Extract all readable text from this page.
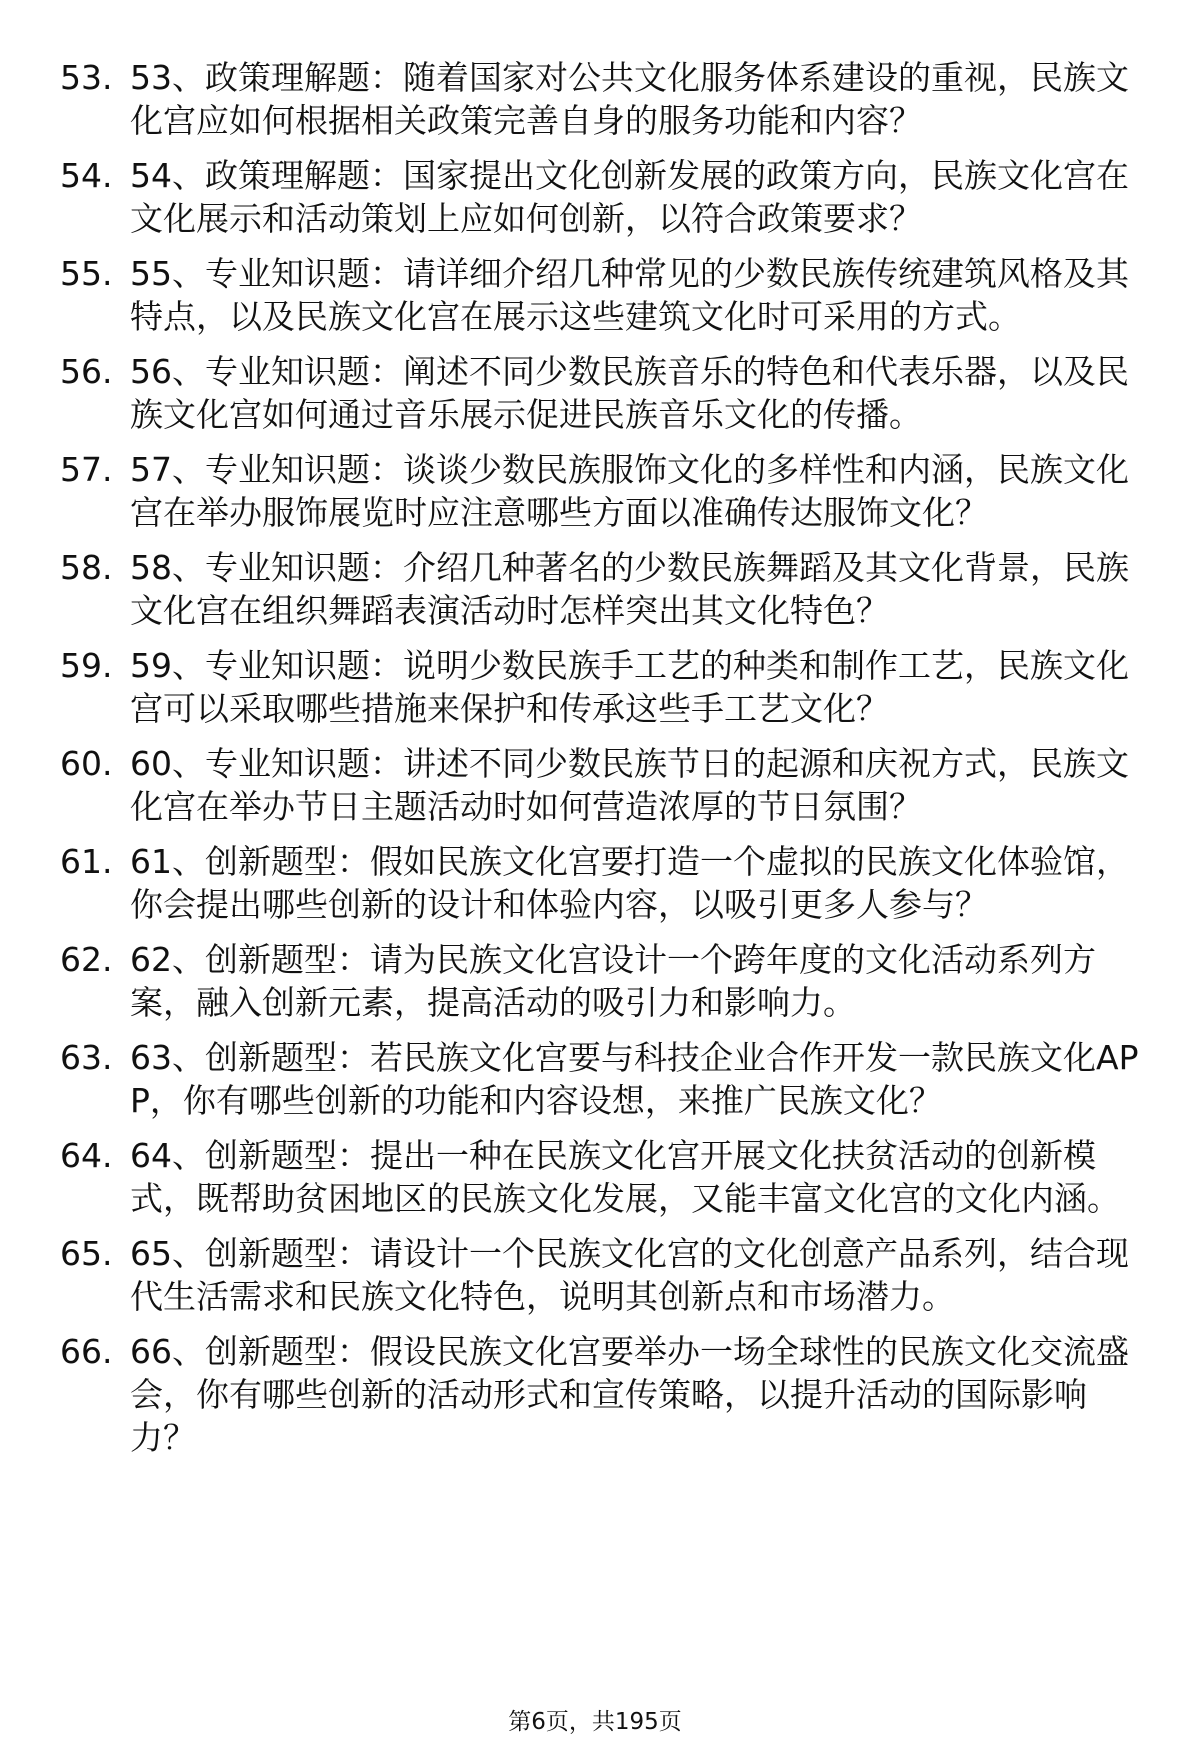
53. 53、政策理解题：随着国家对公共文化服务体系建设的重视，民族文化宫应如何根据相关政策完善自身的服务功能和内容？
54. 54、政策理解题：国家提出文化创新发展的政策方向，民族文化宫在文化展示和活动策划上应如何创新，以符合政策要求？
55. 55、专业知识题：请详细介绍几种常见的少数民族传统建筑风格及其特点，以及民族文化宫在展示这些建筑文化时可采用的方式。
56. 56、专业知识题：阐述不同少数民族音乐的特色和代表乐器，以及民族文化宫如何通过音乐展示促进民族音乐文化的传播。
57. 57、专业知识题：谈谈少数民族服饰文化的多样性和内涵，民族文化宫在举办服饰展览时应注意哪些方面以准确传达服饰文化？
58. 58、专业知识题：介绍几种著名的少数民族舞蹈及其文化背景，民族文化宫在组织舞蹈表演活动时怎样突出其文化特色？
59. 59、专业知识题：说明少数民族手工艺的种类和制作工艺，民族文化宫可以采取哪些措施来保护和传承这些手工艺文化？
60. 60、专业知识题：讲述不同少数民族节日的起源和庆祝方式，民族文化宫在举办节日主题活动时如何营造浓厚的节日氛围？
61. 61、创新题型：假如民族文化宫要打造一个虚拟的民族文化体验馆，你会提出哪些创新的设计和体验内容，以吸引更多人参与？
62. 62、创新题型：请为民族文化宫设计一个跨年度的文化活动系列方案，融入创新元素，提高活动的吸引力和影响力。
63. 63、创新题型：若民族文化宫要与科技企业合作开发一款民族文化APP，你有哪些创新的功能和内容设想，来推广民族文化？
64. 64、创新题型：提出一种在民族文化宫开展文化扶贫活动的创新模式，既帮助贫困地区的民族文化发展，又能丰富文化宫的文化内涵。
65. 65、创新题型：请设计一个民族文化宫的文化创意产品系列，结合现代生活需求和民族文化特色，说明其创新点和市场潜力。
66. 66、创新题型：假设民族文化宫要举办一场全球性的民族文化交流盛会，你有哪些创新的活动形式和宣传策略，以提升活动的国际影响力？
第6页，共195页
